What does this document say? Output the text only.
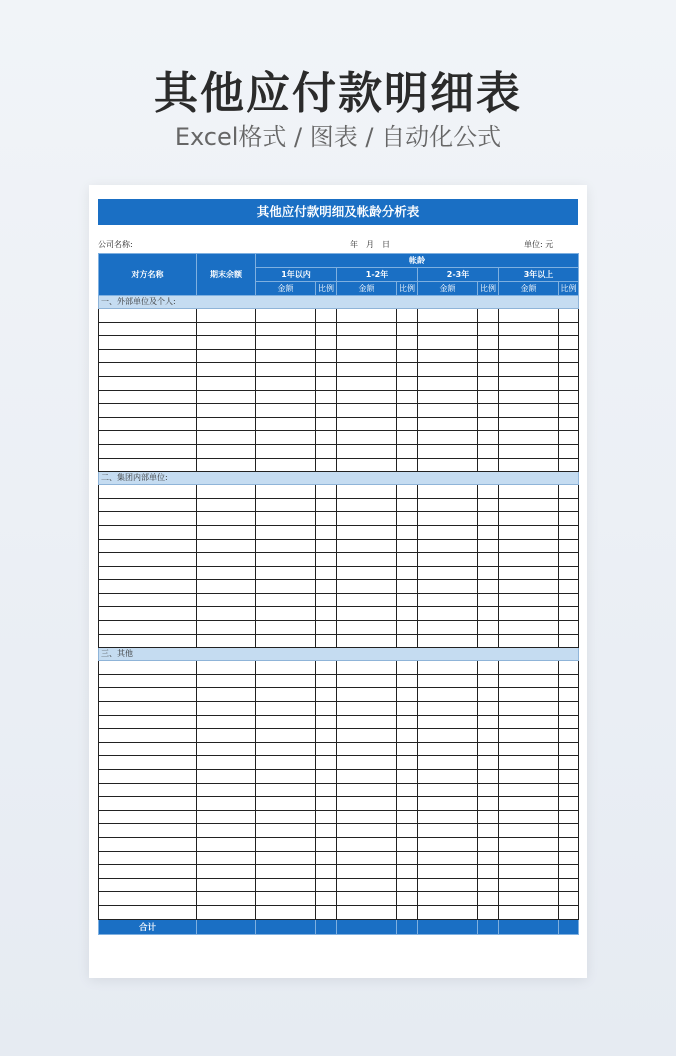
其他应付款明细表
Excel格式 / 图表 / 自动化公式
其他应付款明细及帐龄分析表
公司名称:	年　月　日	单位: 元
对方名称	期末余额	帐龄							
		1年以内		1-2年		2-3年		3年以上	
		金额	比例	金额	比例	金额	比例	金额	比例
一、外部单位及个人:									

二、集团内部单位:									

三、其他									

合计									
